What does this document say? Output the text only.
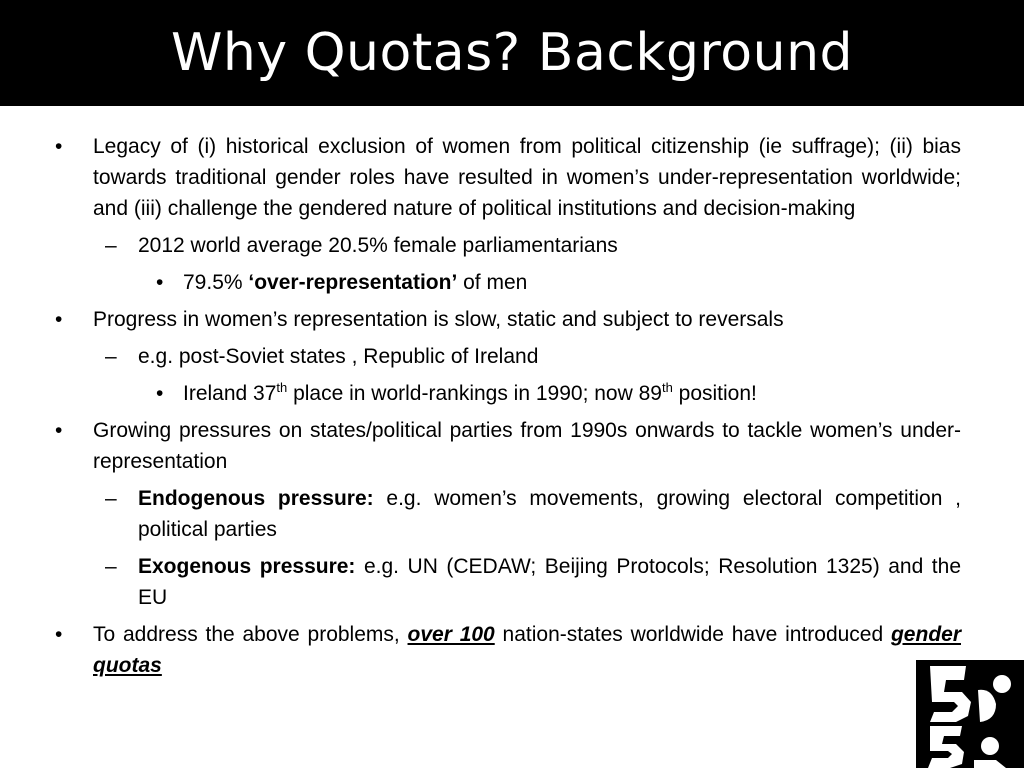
Why Quotas? Background
• Legacy of (i) historical exclusion of women from political citizenship (ie suffrage); (ii) bias towards traditional gender roles have resulted in women’s under-representation worldwide; and (iii) challenge the gendered nature of political institutions and decision-making
– 2012 world average 20.5% female parliamentarians
• 79.5% ‘over-representation’ of men
• Progress in women’s representation is slow, static and subject to reversals
– e.g. post-Soviet states , Republic of Ireland
• Ireland 37th place in world-rankings in 1990; now 89th position!
• Growing pressures on states/political parties from 1990s onwards to tackle women’s under-representation
– Endogenous pressure: e.g. women’s movements, growing electoral competition , political parties
– Exogenous pressure: e.g. UN (CEDAW; Beijing Protocols; Resolution 1325) and the EU
• To address the above problems, over 100 nation-states worldwide have introduced gender quotas
